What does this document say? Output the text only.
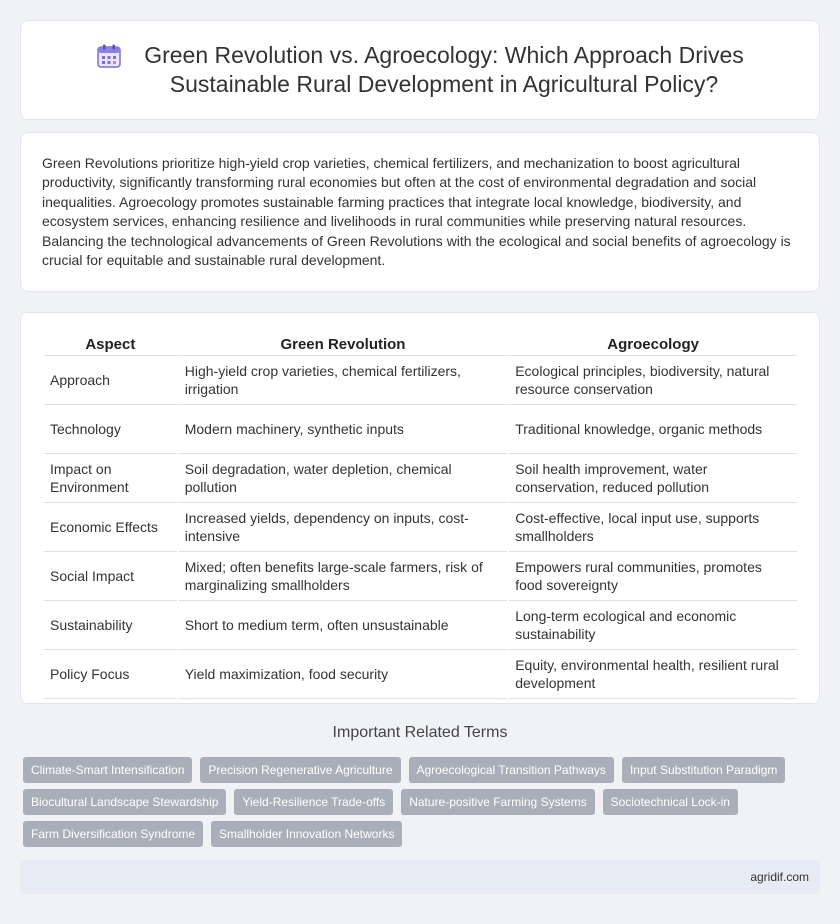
Green Revolution vs. Agroecology: Which Approach Drives
Sustainable Rural Development in Agricultural Policy?

Green Revolutions prioritize high-yield crop varieties, chemical fertilizers, and mechanization to boost agricultural productivity, significantly transforming rural economies but often at the cost of environmental degradation and social inequalities. Agroecology promotes sustainable farming practices that integrate local knowledge, biodiversity, and ecosystem services, enhancing resilience and livelihoods in rural communities while preserving natural resources. Balancing the technological advancements of Green Revolutions with the ecological and social benefits of agroecology is crucial for equitable and sustainable rural development.

Aspect	Green Revolution	Agroecology
Approach	High-yield crop varieties, chemical fertilizers, irrigation	Ecological principles, biodiversity, natural resource conservation
Technology	Modern machinery, synthetic inputs	Traditional knowledge, organic methods
Impact on Environment	Soil degradation, water depletion, chemical pollution	Soil health improvement, water conservation, reduced pollution
Economic Effects	Increased yields, dependency on inputs, cost-intensive	Cost-effective, local input use, supports smallholders
Social Impact	Mixed; often benefits large-scale farmers, risk of marginalizing smallholders	Empowers rural communities, promotes food sovereignty
Sustainability	Short to medium term, often unsustainable	Long-term ecological and economic sustainability
Policy Focus	Yield maximization, food security	Equity, environmental health, resilient rural development
Important Related Terms
Climate-Smart Intensification	Precision Regenerative Agriculture	Agroecological Transition Pathways	Input Substitution Paradigm
Biocultural Landscape Stewardship	Yield-Resilience Trade-offs	Nature-positive Farming Systems	Sociotechnical Lock-in
Farm Diversification Syndrome	Smallholder Innovation Networks
agridif.com
